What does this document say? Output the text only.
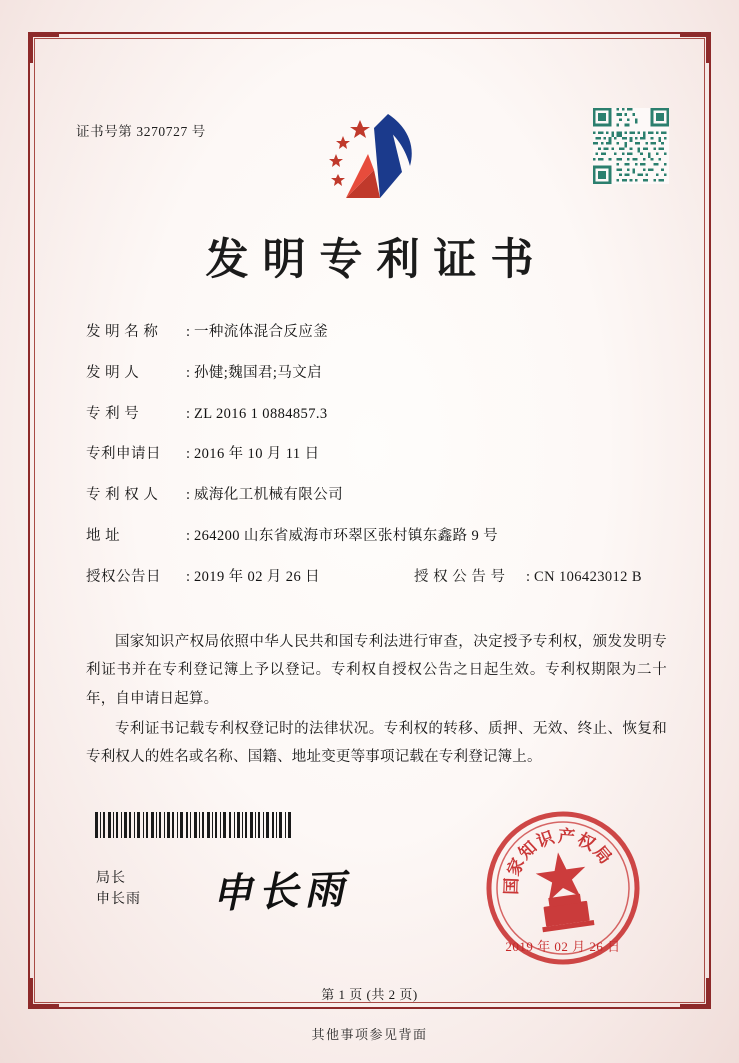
证书号第 3270727 号
发明专利证书
发 明 名 称	: 一种流体混合反应釜
发 明 人	: 孙健;魏国君;马文启
专 利 号	: ZL 2016 1 0884857.3
专利申请日	: 2016 年 10 月 11 日
专 利 权 人	: 威海化工机械有限公司
地 址	: 264200 山东省威海市环翠区张村镇东鑫路 9 号
授权公告日	: 2019 年 02 月 26 日	授 权 公 告 号	: CN 106423012 B

国家知识产权局依照中华人民共和国专利法进行审查，决定授予专利权，颁发发明专利证书并在专利登记簿上予以登记。专利权自授权公告之日起生效。专利权期限为二十年，自申请日起算。

专利证书记载专利权登记时的法律状况。专利权的转移、质押、无效、终止、恢复和专利权人的姓名或名称、国籍、地址变更等事项记载在专利登记簿上。

局长
申长雨 申长雨	家
知
识 产
权
局
国
2019 年 02 月 26 日
第 1 页 (共 2 页)
其他事项参见背面
